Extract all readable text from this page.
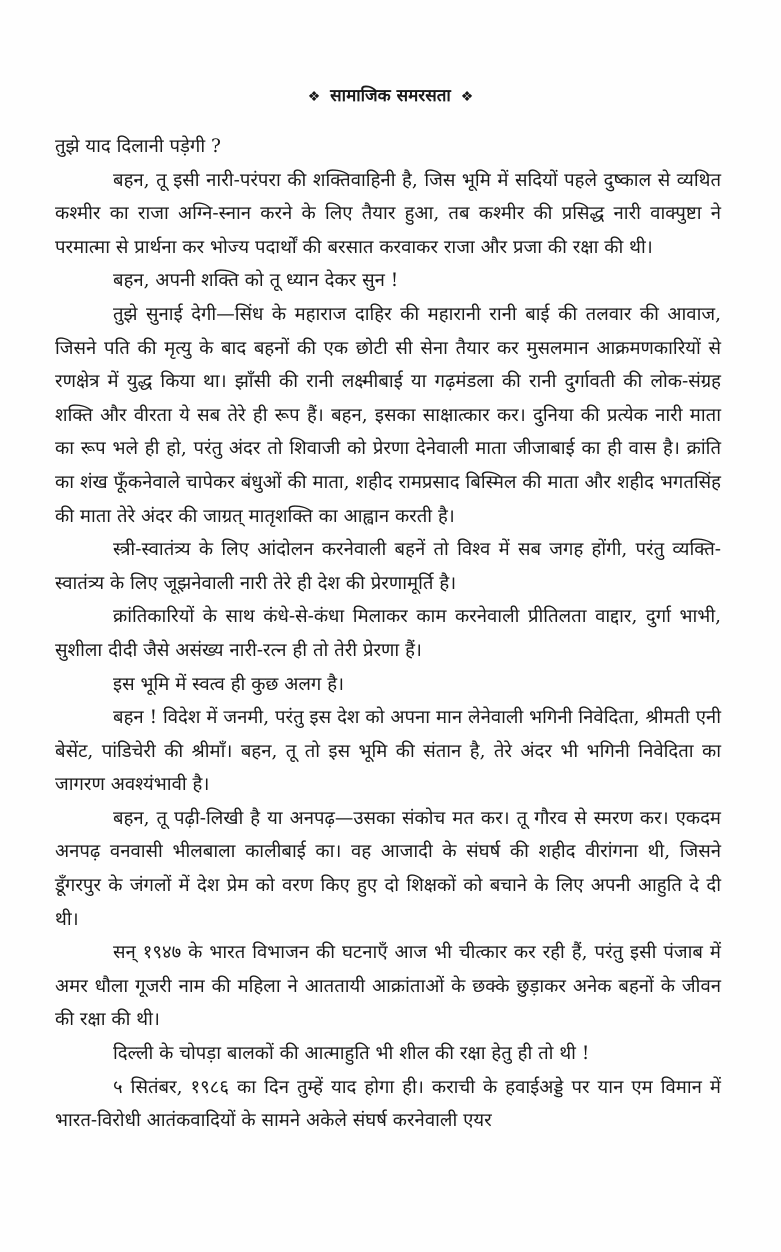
❖ सामाजिक समरसता ❖

तुझे याद दिलानी पड़ेगी ?

बहन, तू इसी नारी-परंपरा की शक्तिवाहिनी है, जिस भूमि में सदियों पहले दुष्काल से व्यथित कश्मीर का राजा अग्नि-स्नान करने के लिए तैयार हुआ, तब कश्मीर की प्रसिद्ध नारी वाक्पुष्टा ने परमात्मा से प्रार्थना कर भोज्य पदार्थों की बरसात करवाकर राजा और प्रजा की रक्षा की थी।

बहन, अपनी शक्ति को तू ध्यान देकर सुन !

तुझे सुनाई देगी—सिंध के महाराज दाहिर की महारानी रानी बाई की तलवार की आवाज, जिसने पति की मृत्यु के बाद बहनों की एक छोटी सी सेना तैयार कर मुसलमान आक्रमणकारियों से रणक्षेत्र में युद्ध किया था। झाँसी की रानी लक्ष्मीबाई या गढ़मंडला की रानी दुर्गावती की लोक-संग्रह शक्ति और वीरता ये सब तेरे ही रूप हैं। बहन, इसका साक्षात्कार कर। दुनिया की प्रत्येक नारी माता का रूप भले ही हो, परंतु अंदर तो शिवाजी को प्रेरणा देनेवाली माता जीजाबाई का ही वास है। क्रांति का शंख फूँकनेवाले चापेकर बंधुओं की माता, शहीद रामप्रसाद बिस्मिल की माता और शहीद भगतसिंह की माता तेरे अंदर की जाग्रत् मातृशक्ति का आह्वान करती है।

स्त्री-स्वातंत्र्य के लिए आंदोलन करनेवाली बहनें तो विश्व में सब जगह होंगी, परंतु व्यक्ति-स्वातंत्र्य के लिए जूझनेवाली नारी तेरे ही देश की प्रेरणामूर्ति है।

क्रांतिकारियों के साथ कंधे-से-कंधा मिलाकर काम करनेवाली प्रीतिलता वाद्दार, दुर्गा भाभी, सुशीला दीदी जैसे असंख्य नारी-रत्न ही तो तेरी प्रेरणा हैं।

इस भूमि में स्वत्व ही कुछ अलग है।

बहन ! विदेश में जनमी, परंतु इस देश को अपना मान लेनेवाली भगिनी निवेदिता, श्रीमती एनी बेसेंट, पांडिचेरी की श्रीमाँ। बहन, तू तो इस भूमि की संतान है, तेरे अंदर भी भगिनी निवेदिता का जागरण अवश्यंभावी है।

बहन, तू पढ़ी-लिखी है या अनपढ़—उसका संकोच मत कर। तू गौरव से स्मरण कर। एकदम अनपढ़ वनवासी भीलबाला कालीबाई का। वह आजादी के संघर्ष की शहीद वीरांगना थी, जिसने डूँगरपुर के जंगलों में देश प्रेम को वरण किए हुए दो शिक्षकों को बचाने के लिए अपनी आहुति दे दी थी।

सन् १९४७ के भारत विभाजन की घटनाएँ आज भी चीत्कार कर रही हैं, परंतु इसी पंजाब में अमर धौला गूजरी नाम की महिला ने आततायी आक्रांताओं के छक्के छुड़ाकर अनेक बहनों के जीवन की रक्षा की थी।

दिल्ली के चोपड़ा बालकों की आत्माहुति भी शील की रक्षा हेतु ही तो थी !

५ सितंबर, १९८६ का दिन तुम्हें याद होगा ही। कराची के हवाईअड्डे पर यान एम विमान में भारत-विरोधी आतंकवादियों के सामने अकेले संघर्ष करनेवाली एयर
